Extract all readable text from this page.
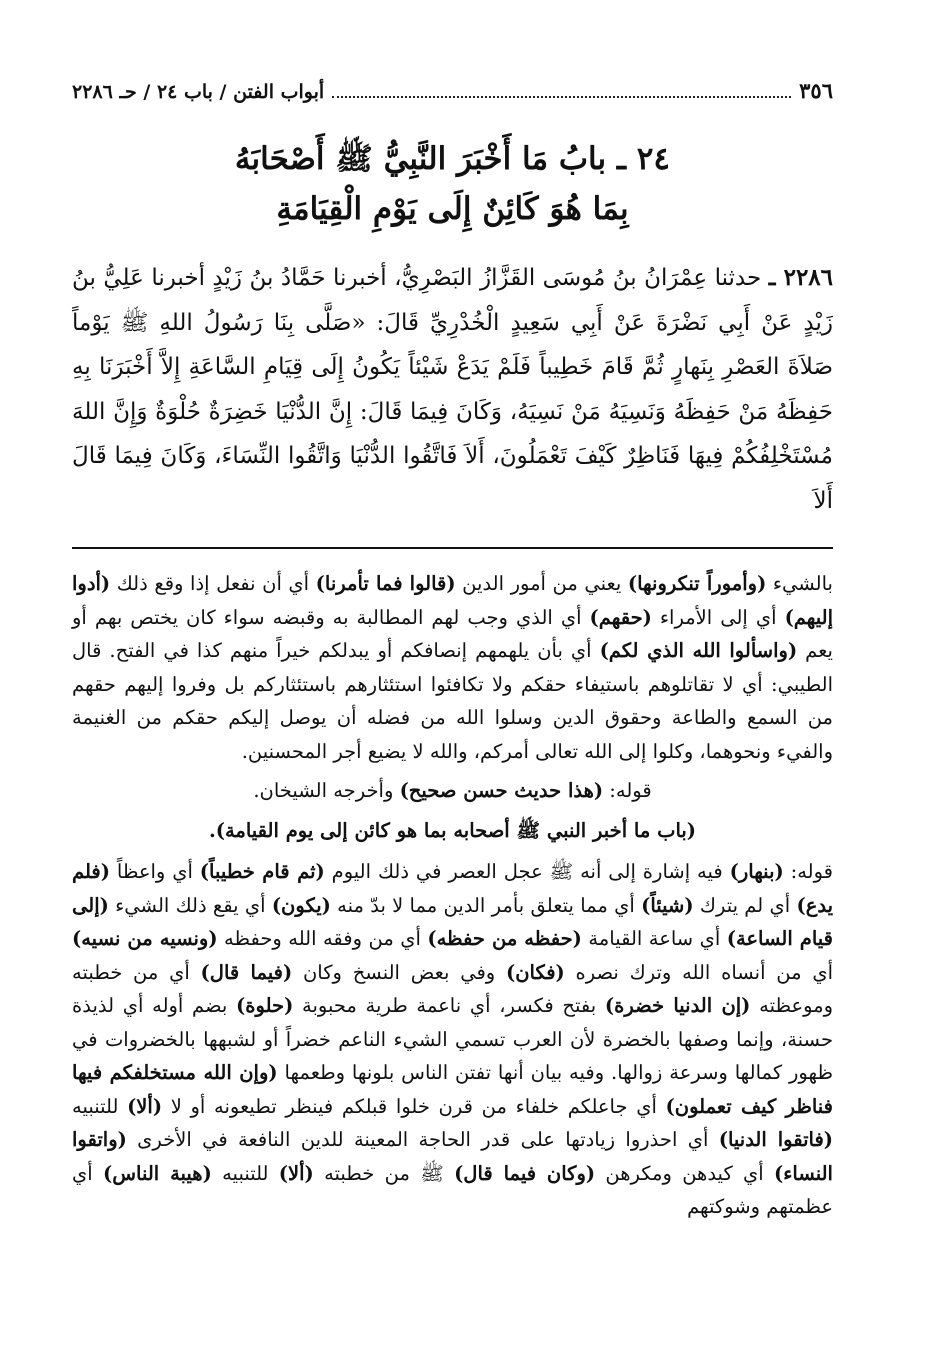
٣٥٦
أبواب الفتن / باب ٢٤ / حـ ٢٢٨٦
٢٤ ـ بابُ مَا أَخْبَرَ النَّبِيُّ ﷺ أَصْحَابَهُ
بِمَا هُوَ كَائِنٌ إِلَى يَوْمِ الْقِيَامَةِ
٢٢٨٦ ـ حدثنا عِمْرَانُ بنُ مُوسَى القَزَّازُ البَصْرِيُّ، أخبرنا حَمَّادُ بنُ زَيْدٍ أخبرنا عَلِيُّ بنُ زَيْدٍ عَنْ أَبِي نَضْرَةَ عَنْ أَبِي سَعِيدٍ الْخُدْرِيِّ قَالَ: «صَلَّى بِنَا رَسُولُ اللهِ ﷺ يَوْماً صَلاَةَ العَصْرِ بِنَهارٍ ثُمَّ قَامَ خَطِيباً فَلَمْ يَدَعْ شَيْئاً يَكُونُ إِلَى قِيَامِ السَّاعَةِ إِلاَّ أَخْبَرَنَا بِهِ حَفِظَهُ مَنْ حَفِظَهُ وَنَسِيَهُ مَنْ نَسِيَهُ، وَكَانَ فِيمَا قَالَ: إِنَّ الدُّنْيَا خَضِرَةٌ حُلْوَةٌ وَإِنَّ اللهَ مُسْتَخْلِفُكُمْ فِيهَا فَنَاظِرٌ كَيْفَ تَعْمَلُونَ، أَلاَ فَاتَّقُوا الدُّنْيَا وَاتَّقُوا النِّسَاءَ، وَكَانَ فِيمَا قَالَ أَلاَ

بالشيء (وأموراً تنكرونها) يعني من أمور الدين (قالوا فما تأمرنا) أي أن نفعل إذا وقع ذلك (أدوا إليهم) أي إلى الأمراء (حقهم) أي الذي وجب لهم المطالبة به وقبضه سواء كان يختص بهم أو يعم (واسألوا الله الذي لكم) أي بأن يلهمهم إنصافكم أو يبدلكم خيراً منهم كذا في الفتح. قال الطيبي: أي لا تقاتلوهم باستيفاء حقكم ولا تكافئوا استئثارهم باستئثاركم بل وفروا إليهم حقهم من السمع والطاعة وحقوق الدين وسلوا الله من فضله أن يوصل إليكم حقكم من الغنيمة والفيء ونحوهما، وكلوا إلى الله تعالى أمركم، والله لا يضيع أجر المحسنين.

قوله: (هذا حديث حسن صحيح) وأخرجه الشيخان.

(باب ما أخبر النبي ﷺ أصحابه بما هو كائن إلى يوم القيامة).

قوله: (بنهار) فيه إشارة إلى أنه ﷺ عجل العصر في ذلك اليوم (ثم قام خطيباً) أي واعظاً (فلم يدع) أي لم يترك (شيئاً) أي مما يتعلق بأمر الدين مما لا بدّ منه (يكون) أي يقع ذلك الشيء (إلى قيام الساعة) أي ساعة القيامة (حفظه من حفظه) أي من وفقه الله وحفظه (ونسيه من نسيه) أي من أنساه الله وترك نصره (فكان) وفي بعض النسخ وكان (فيما قال) أي من خطبته وموعظته (إن الدنيا خضرة) بفتح فكسر، أي ناعمة طرية محبوبة (حلوة) بضم أوله أي لذيذة حسنة، وإنما وصفها بالخضرة لأن العرب تسمي الشيء الناعم خضراً أو لشبهها بالخضروات في ظهور كمالها وسرعة زوالها. وفيه بيان أنها تفتن الناس بلونها وطعمها (وإن الله مستخلفكم فيها فناظر كيف تعملون) أي جاعلكم خلفاء من قرن خلوا قبلكم فينظر تطيعونه أو لا (ألا) للتنبيه (فاتقوا الدنيا) أي احذروا زيادتها على قدر الحاجة المعينة للدين النافعة في الأخرى (واتقوا النساء) أي كيدهن ومكرهن (وكان فيما قال) ﷺ من خطبته (ألا) للتنبيه (هيبة الناس) أي عظمتهم وشوكتهم
